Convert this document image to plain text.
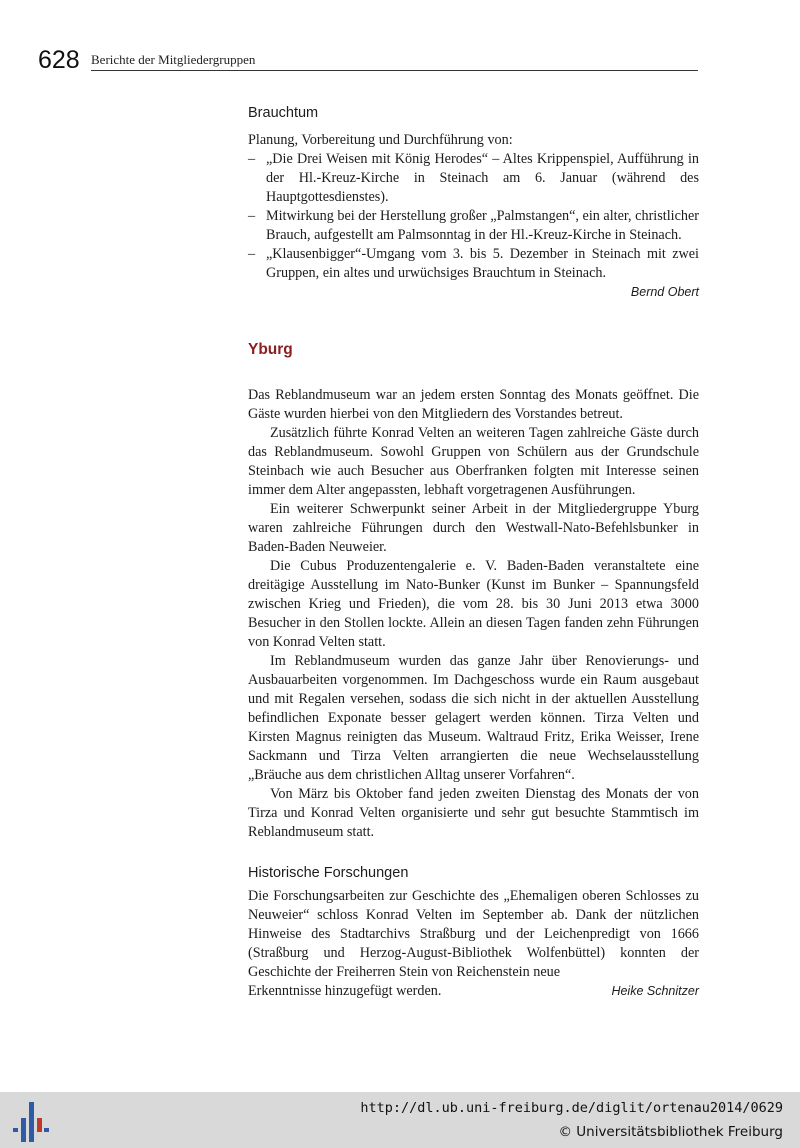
628 Berichte der Mitgliedergruppen
Brauchtum

Planung, Vorbereitung und Durchführung von:

– „Die Drei Weisen mit König Herodes“ – Altes Krippenspiel, Aufführung in der Hl.-Kreuz-Kirche in Steinach am 6. Januar (während des Hauptgottesdienstes).
– Mitwirkung bei der Herstellung großer „Palmstangen“, ein alter, christlicher Brauch, aufgestellt am Palmsonntag in der Hl.-Kreuz-Kirche in Steinach.
– „Klausenbigger“-Umgang vom 3. bis 5. Dezember in Steinach mit zwei Gruppen, ein altes und urwüchsiges Brauchtum in Steinach.
Bernd Obert
Yburg

Das Reblandmuseum war an jedem ersten Sonntag des Monats geöffnet. Die Gäste wurden hierbei von den Mitgliedern des Vorstandes betreut.

Zusätzlich führte Konrad Velten an weiteren Tagen zahlreiche Gäste durch das Reblandmuseum. Sowohl Gruppen von Schülern aus der Grundschule Steinbach wie auch Besucher aus Oberfranken folgten mit Interesse seinen immer dem Alter angepassten, lebhaft vorgetragenen Ausführungen.

Ein weiterer Schwerpunkt seiner Arbeit in der Mitgliedergruppe Yburg waren zahlreiche Führungen durch den Westwall-Nato-Befehlsbunker in Baden-Baden Neuweier.

Die Cubus Produzentengalerie e. V. Baden-Baden veranstaltete eine dreitägige Ausstellung im Nato-Bunker (Kunst im Bunker – Spannungsfeld zwischen Krieg und Frieden), die vom 28. bis 30 Juni 2013 etwa 3000 Besucher in den Stollen lockte. Allein an diesen Tagen fanden zehn Führungen von Konrad Velten statt.

Im Reblandmuseum wurden das ganze Jahr über Renovierungs- und Ausbauarbeiten vorgenommen. Im Dachgeschoss wurde ein Raum ausgebaut und mit Regalen versehen, sodass die sich nicht in der aktuellen Ausstellung befindlichen Exponate besser gelagert werden können. Tirza Velten und Kirsten Magnus reinigten das Museum. Waltraud Fritz, Erika Weisser, Irene Sackmann und Tirza Velten arrangierten die neue Wechselausstellung „Bräuche aus dem christlichen Alltag unserer Vorfahren“.

Von März bis Oktober fand jeden zweiten Dienstag des Monats der von Tirza und Konrad Velten organisierte und sehr gut besuchte Stammtisch im Reblandmuseum statt.

Historische Forschungen

Die Forschungsarbeiten zur Geschichte des „Ehemaligen oberen Schlosses zu Neuweier“ schloss Konrad Velten im September ab. Dank der nützlichen Hinweise des Stadtarchivs Straßburg und der Leichenpredigt von 1666 (Straßburg und Herzog-August-Bibliothek Wolfenbüttel) konnten der Geschichte der Freiherren Stein von Reichenstein neue

Erkenntnisse hinzugefügt werden.	Heike Schnitzer
http://dl.ub.uni-freiburg.de/diglit/ortenau2014/0629
© Universitätsbibliothek Freiburg
